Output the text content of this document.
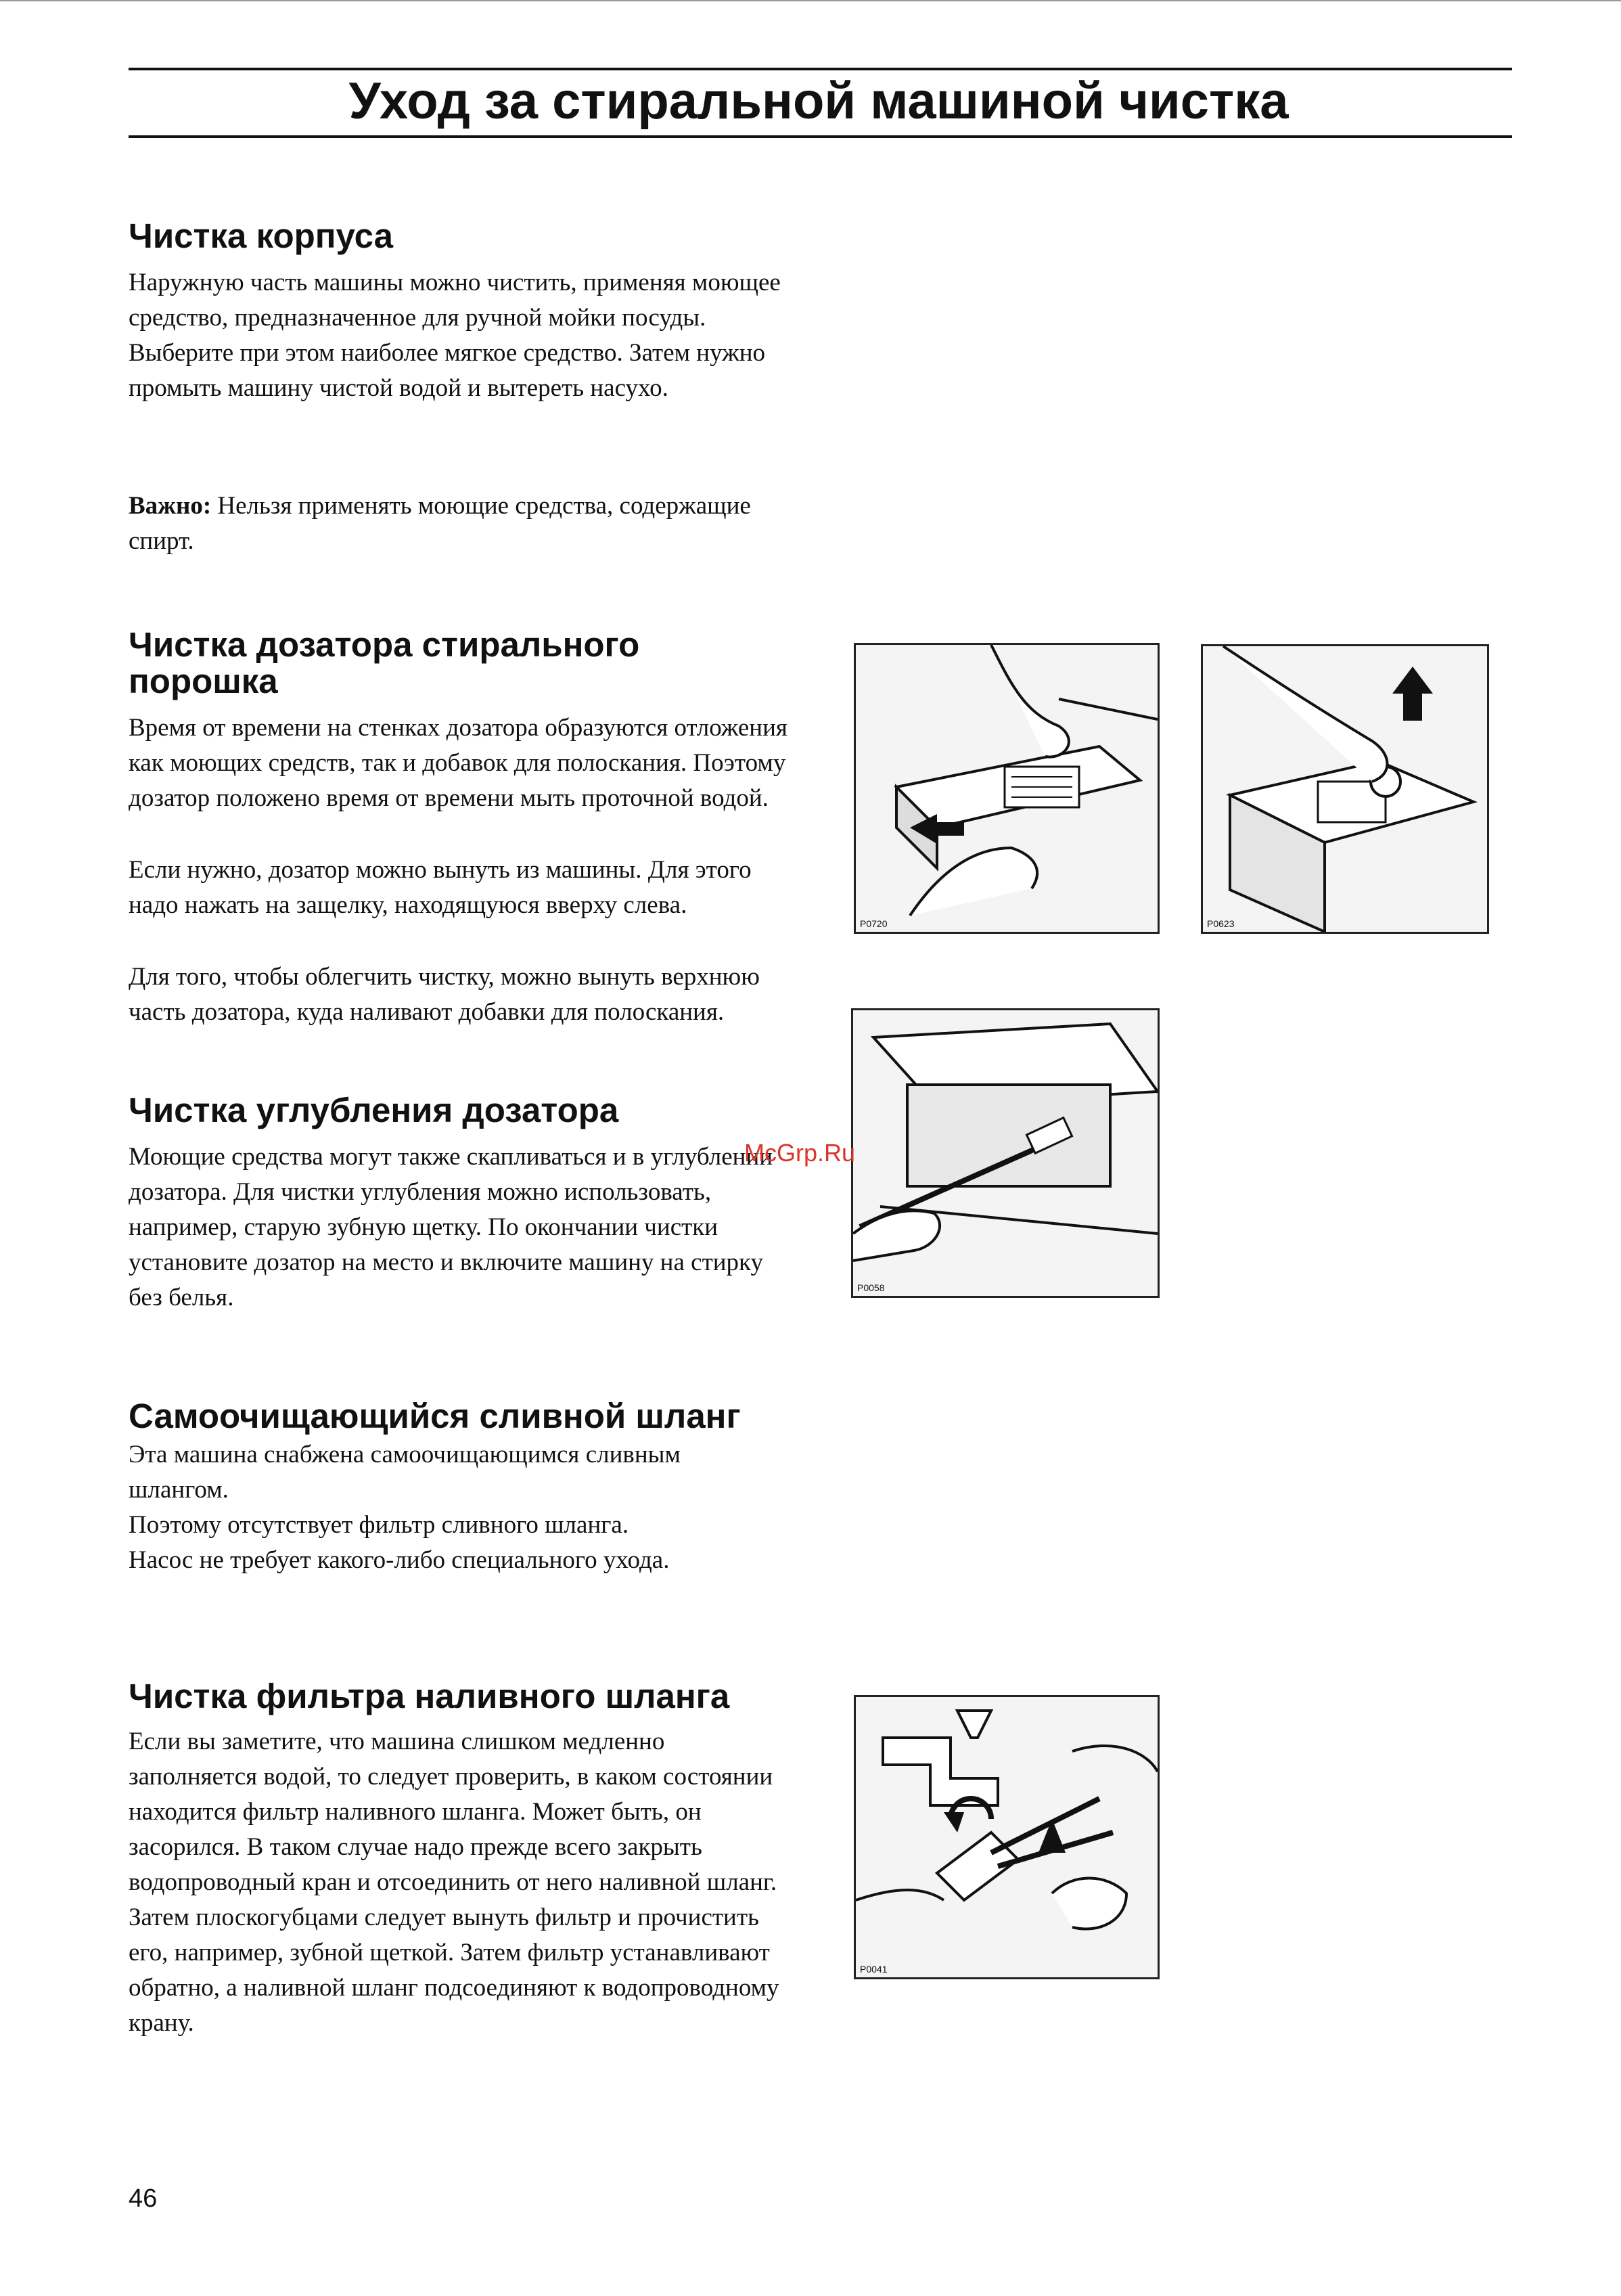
Уход за стиральной машиной чистка
Чистка корпуса
Наружную часть машины можно чистить, применяя моющее средство, предназначенное для ручной мойки посуды. Выберите при этом наиболее мягкое средство. Затем нужно промыть машину чистой водой и вытереть насухо.
Важно: Нельзя применять моющие средства, содержащие спирт.
Чистка дозатора стирального
порошка
Время от времени на стенках дозатора образуются отложения как моющих средств, так и добавок для полоскания. Поэтому дозатор положено время от времени мыть проточной водой.
Если нужно, дозатор можно вынуть из машины. Для этого надо нажать на защелку, находящуюся вверху слева.
Для того, чтобы облегчить чистку, можно вынуть верхнюю часть дозатора, куда наливают добавки для полоскания.
Чистка углубления дозатора
Моющие средства могут также скапливаться и в углублении дозатора. Для чистки углубления можно использовать, например, старую зубную щетку. По окончании чистки установите дозатор на место и включите машину на стирку без белья.
Самоочищающийся сливной шланг
Эта машина снабжена самоочищающимся сливным шлангом.
Поэтому отсутствует фильтр сливного шланга.
Насос не требует какого-либо специального ухода.
Чистка фильтра наливного шланга
Если вы заметите, что машина слишком медленно заполняется водой, то следует проверить, в каком состоянии находится фильтр наливного шланга. Может быть, он засорился. В таком случае надо прежде всего закрыть водопроводный кран и отсоединить от него наливной шланг. Затем плоскогубцами следует вынуть фильтр и прочистить его, например, зубной щеткой. Затем фильтр устанавливают обратно, а наливной шланг подсоединяют к водопроводному крану.
P0720	P0623
P0058
McGrp.Ru
P0041
46
